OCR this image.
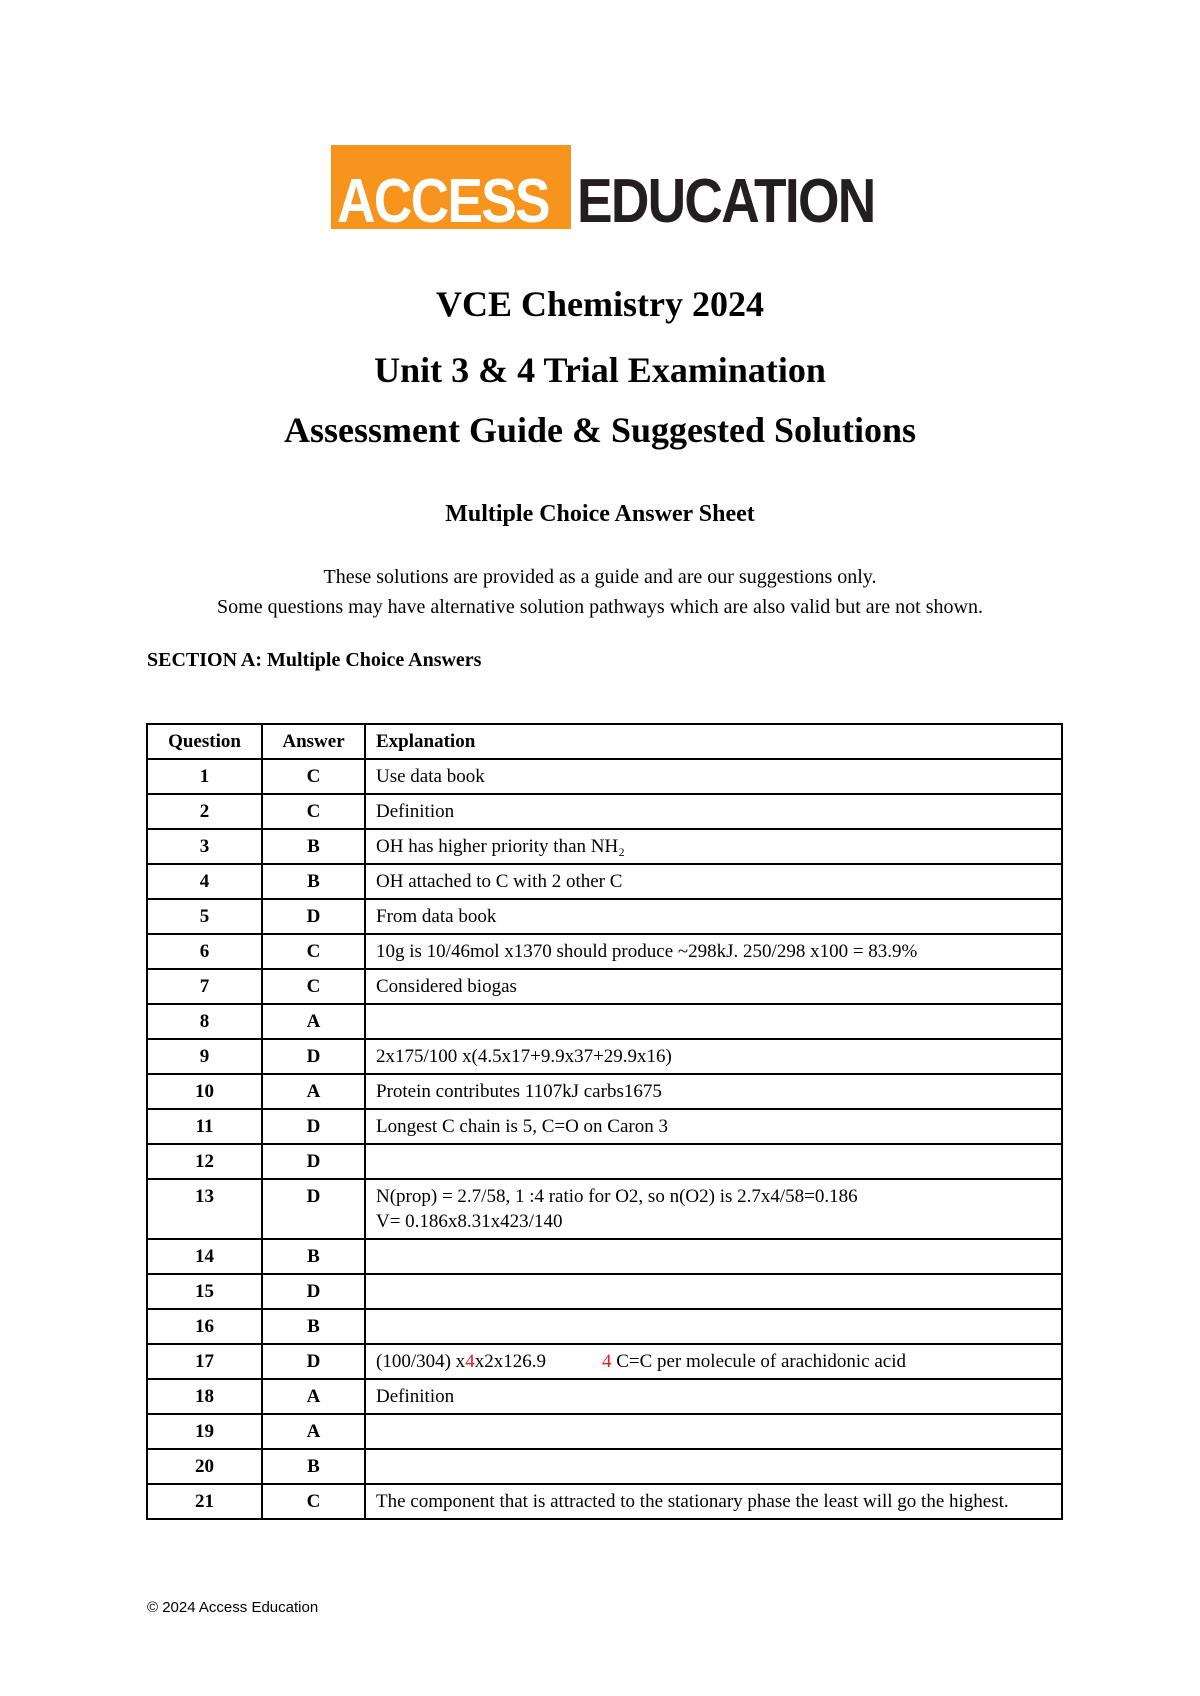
ACCESS EDUCATION
VCE Chemistry 2024
Unit 3 & 4 Trial Examination
Assessment Guide & Suggested Solutions
Multiple Choice Answer Sheet
These solutions are provided as a guide and are our suggestions only.
Some questions may have alternative solution pathways which are also valid but are not shown.
SECTION A: Multiple Choice Answers
Question	Answer	Explanation
1	C	Use data book
2	C	Definition
3	B	OH has higher priority than NH₂
4	B	OH attached to C with 2 other C
5	D	From data book
6	C	10g is 10/46mol x1370 should produce ~298kJ. 250/298 x100 = 83.9%
7	C	Considered biogas
8	A	
9	D	2x175/100 x(4.5x17+9.9x37+29.9x16)
10	A	Protein contributes 1107kJ carbs1675
11	D	Longest C chain is 5, C=O on Caron 3
12	D	
13	D	N(prop) = 2.7/58, 1 :4 ratio for O2, so n(O2) is 2.7x4/58=0.186
V= 0.186x8.31x423/140

14	B	
15	D	
16	B	
17	D	(100/304) x4x2x126.9 4 C=C per molecule of arachidonic acid
18	A	Definition
19	A	
20	B	
21	C	The component that is attracted to the stationary phase the least will go the highest.
© 2024 Access Education
